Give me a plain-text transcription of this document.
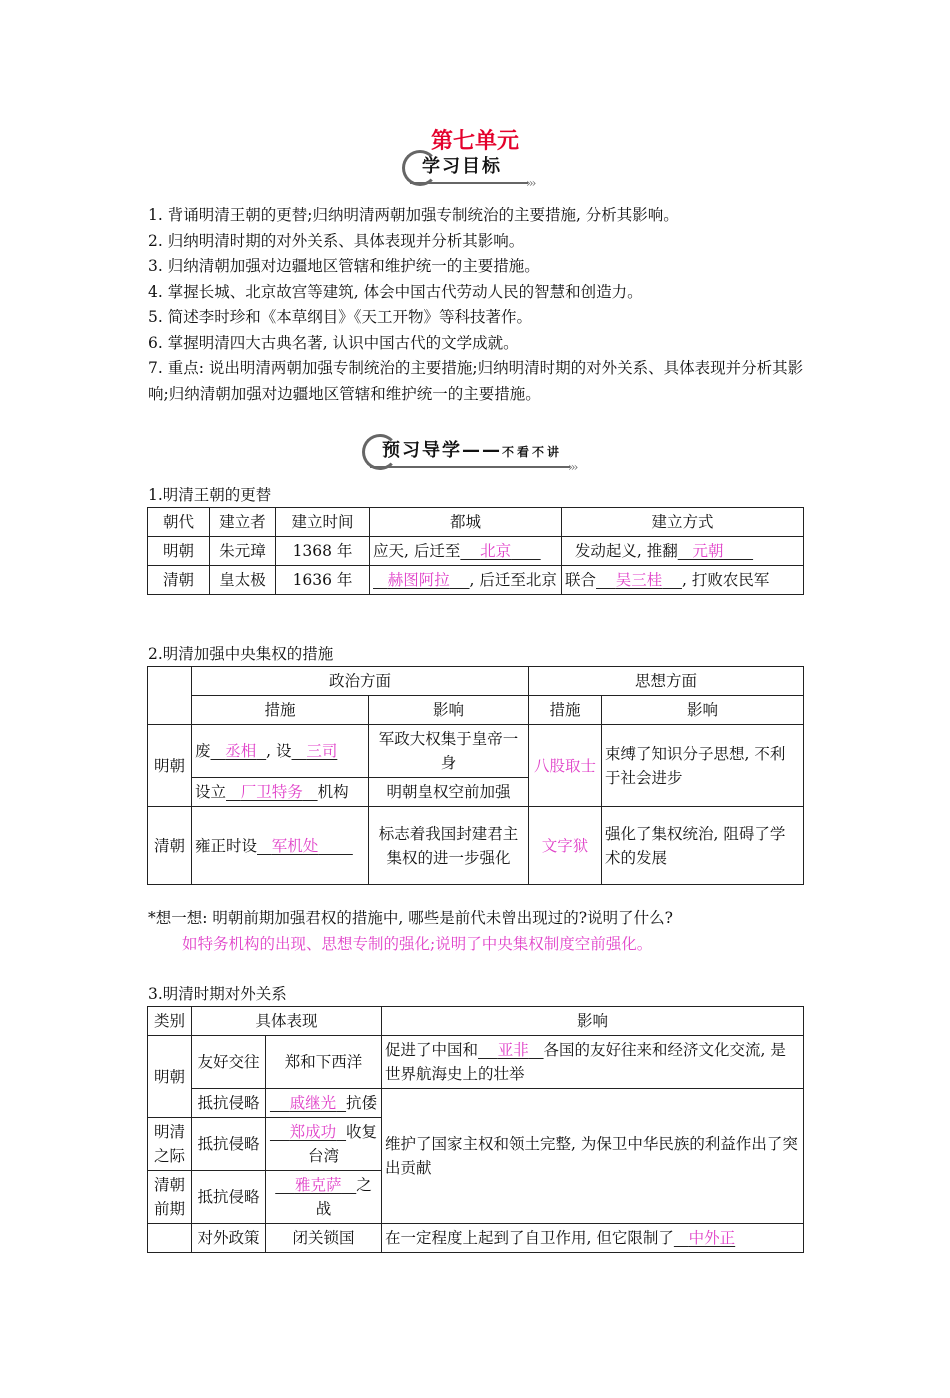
第七单元
学习目标
›››

1. 背诵明清王朝的更替;归纳明清两朝加强专制统治的主要措施, 分析其影响。

2. 归纳明清时期的对外关系、具体表现并分析其影响。

3. 归纳清朝加强对边疆地区管辖和维护统一的主要措施。

4. 掌握长城、北京故宫等建筑, 体会中国古代劳动人民的智慧和创造力。

5. 简述李时珍和《本草纲目》《天工开物》等科技著作。

6. 掌握明清四大古典名著, 认识中国古代的文学成就。

7. 重点: 说出明清两朝加强专制统治的主要措施;归纳明清时期的对外关系、具体表现并分析其影响;归纳清朝加强对边疆地区管辖和维护统一的主要措施。

预习导学——不看不讲
›››
1.明清王朝的更替
朝代	建立者	建立时间	都城	建立方式
明朝	朱元璋	1368 年	应天, 后迁至 北京	发动起义, 推翻 元朝
清朝	皇太极	1636 年	赫图阿拉 , 后迁至北京	联合 吴三桂 , 打败农民军
2.明清加强中央集权的措施
	政治方面		思想方面	
	措施	影响	措施	影响
明朝	废 丞相 , 设 三司	军政大权集于皇帝一身	八股取士	束缚了知识分子思想, 不利于社会进步
	设立 厂卫特务 机构	明朝皇权空前加强		
清朝	雍正时设 军机处	标志着我国封建君主集权的进一步强化	文字狱	强化了集权统治, 阻碍了学术的发展

*想一想: 明朝前期加强君权的措施中, 哪些是前代未曾出现过的?说明了什么?

如特务机构的出现、思想专制的强化;说明了中央集权制度空前强化。

3.明清时期对外关系
类别	具体表现		影响
明朝	友好交往	郑和下西洋	促进了中国和 亚非 各国的友好往来和经济文化交流, 是世界航海史上的壮举
	抵抗侵略	戚继光 抗倭	维护了国家主权和领土完整, 为保卫中华民族的利益作出了突出贡献
明清之际	抵抗侵略	郑成功 收复台湾	
清朝前期	抵抗侵略	雅克萨 之战	
	对外政策	闭关锁国	在一定程度上起到了自卫作用, 但它限制了 中外正
